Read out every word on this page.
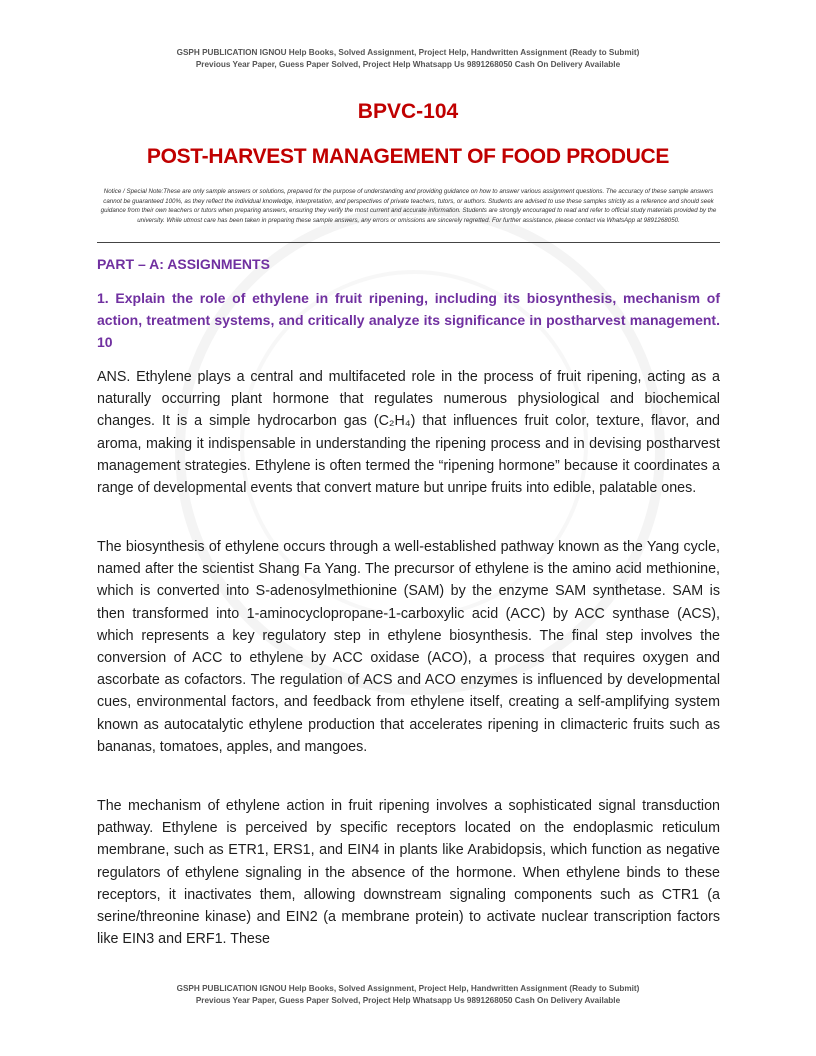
GSPH PUBLICATION IGNOU Help Books, Solved Assignment, Project Help, Handwritten Assignment (Ready to Submit)
Previous Year Paper, Guess Paper Solved, Project Help Whatsapp Us 9891268050 Cash On Delivery Available
BPVC-104
POST-HARVEST MANAGEMENT OF FOOD PRODUCE
Notice / Special Note:These are only sample answers or solutions, prepared for the purpose of understanding and providing guidance on how to answer various assignment questions. The accuracy of these sample answers cannot be guaranteed 100%, as they reflect the individual knowledge, interpretation, and perspectives of private teachers, tutors, or authors. Students are advised to use these samples strictly as a reference and should seek guidance from their own teachers or tutors when preparing answers, ensuring they verify the most current and accurate information. Students are strongly encouraged to read and refer to official study materials provided by the university. While utmost care has been taken in preparing these sample answers, any errors or omissions are sincerely regretted. For further assistance, please contact via WhatsApp at 9891268050.
PART – A: ASSIGNMENTS
1. Explain the role of ethylene in fruit ripening, including its biosynthesis, mechanism of action, treatment systems, and critically analyze its significance in postharvest management. 10
ANS. Ethylene plays a central and multifaceted role in the process of fruit ripening, acting as a naturally occurring plant hormone that regulates numerous physiological and biochemical changes. It is a simple hydrocarbon gas (C₂H₄) that influences fruit color, texture, flavor, and aroma, making it indispensable in understanding the ripening process and in devising postharvest management strategies. Ethylene is often termed the “ripening hormone” because it coordinates a range of developmental events that convert mature but unripe fruits into edible, palatable ones.
The biosynthesis of ethylene occurs through a well-established pathway known as the Yang cycle, named after the scientist Shang Fa Yang. The precursor of ethylene is the amino acid methionine, which is converted into S-adenosylmethionine (SAM) by the enzyme SAM synthetase. SAM is then transformed into 1-aminocyclopropane-1-carboxylic acid (ACC) by ACC synthase (ACS), which represents a key regulatory step in ethylene biosynthesis. The final step involves the conversion of ACC to ethylene by ACC oxidase (ACO), a process that requires oxygen and ascorbate as cofactors. The regulation of ACS and ACO enzymes is influenced by developmental cues, environmental factors, and feedback from ethylene itself, creating a self-amplifying system known as autocatalytic ethylene production that accelerates ripening in climacteric fruits such as bananas, tomatoes, apples, and mangoes.
The mechanism of ethylene action in fruit ripening involves a sophisticated signal transduction pathway. Ethylene is perceived by specific receptors located on the endoplasmic reticulum membrane, such as ETR1, ERS1, and EIN4 in plants like Arabidopsis, which function as negative regulators of ethylene signaling in the absence of the hormone. When ethylene binds to these receptors, it inactivates them, allowing downstream signaling components such as CTR1 (a serine/threonine kinase) and EIN2 (a membrane protein) to activate nuclear transcription factors like EIN3 and ERF1. These
GSPH PUBLICATION IGNOU Help Books, Solved Assignment, Project Help, Handwritten Assignment (Ready to Submit)
Previous Year Paper, Guess Paper Solved, Project Help Whatsapp Us 9891268050 Cash On Delivery Available
